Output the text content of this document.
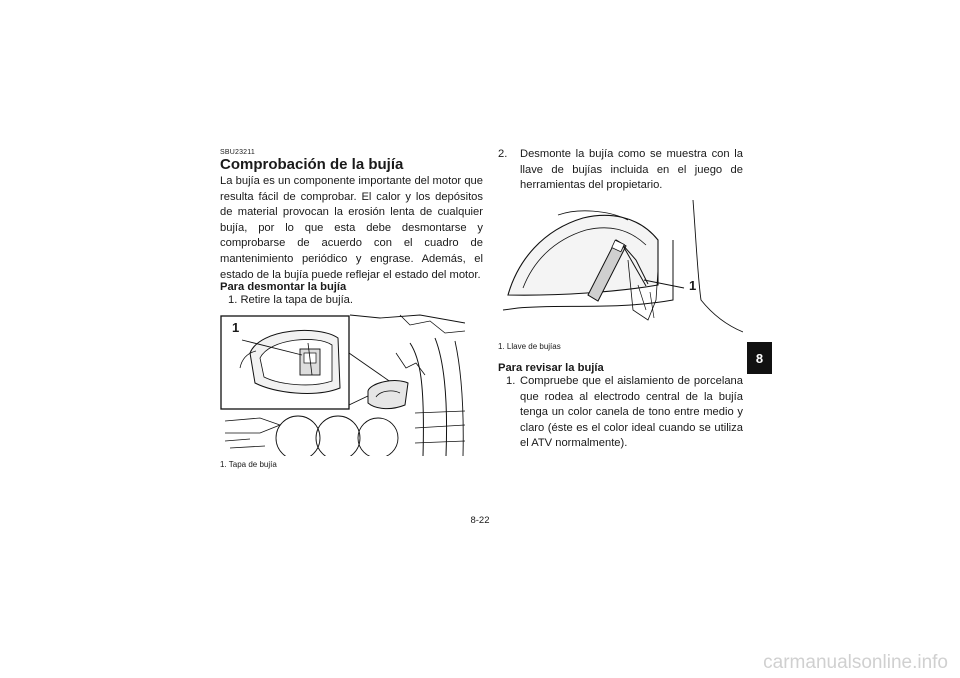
SBU23211
Comprobación de la bujía
La bujía es un componente importante del motor que resulta fácil de comprobar. El calor y los depósitos de material provocan la erosión lenta de cualquier bujía, por lo que esta debe desmontarse y comprobarse de acuerdo con el cuadro de mantenimiento periódico y engrase. Además, el estado de la bujía puede reflejar el estado del motor.
Para desmontar la bujía
1. Retire la tapa de bujía.
1
1. Tapa de bujía
2. Desmonte la bujía como se muestra con la llave de bujías incluida en el juego de herramientas del propietario.
1
1. Llave de bujías
Para revisar la bujía
1. Compruebe que el aislamiento de porcelana que rodea al electrodo central de la bujía tenga un color canela de tono entre medio y claro (éste es el color ideal cuando se utiliza el ATV normalmente).
8
8-22
carmanualsonline.info
